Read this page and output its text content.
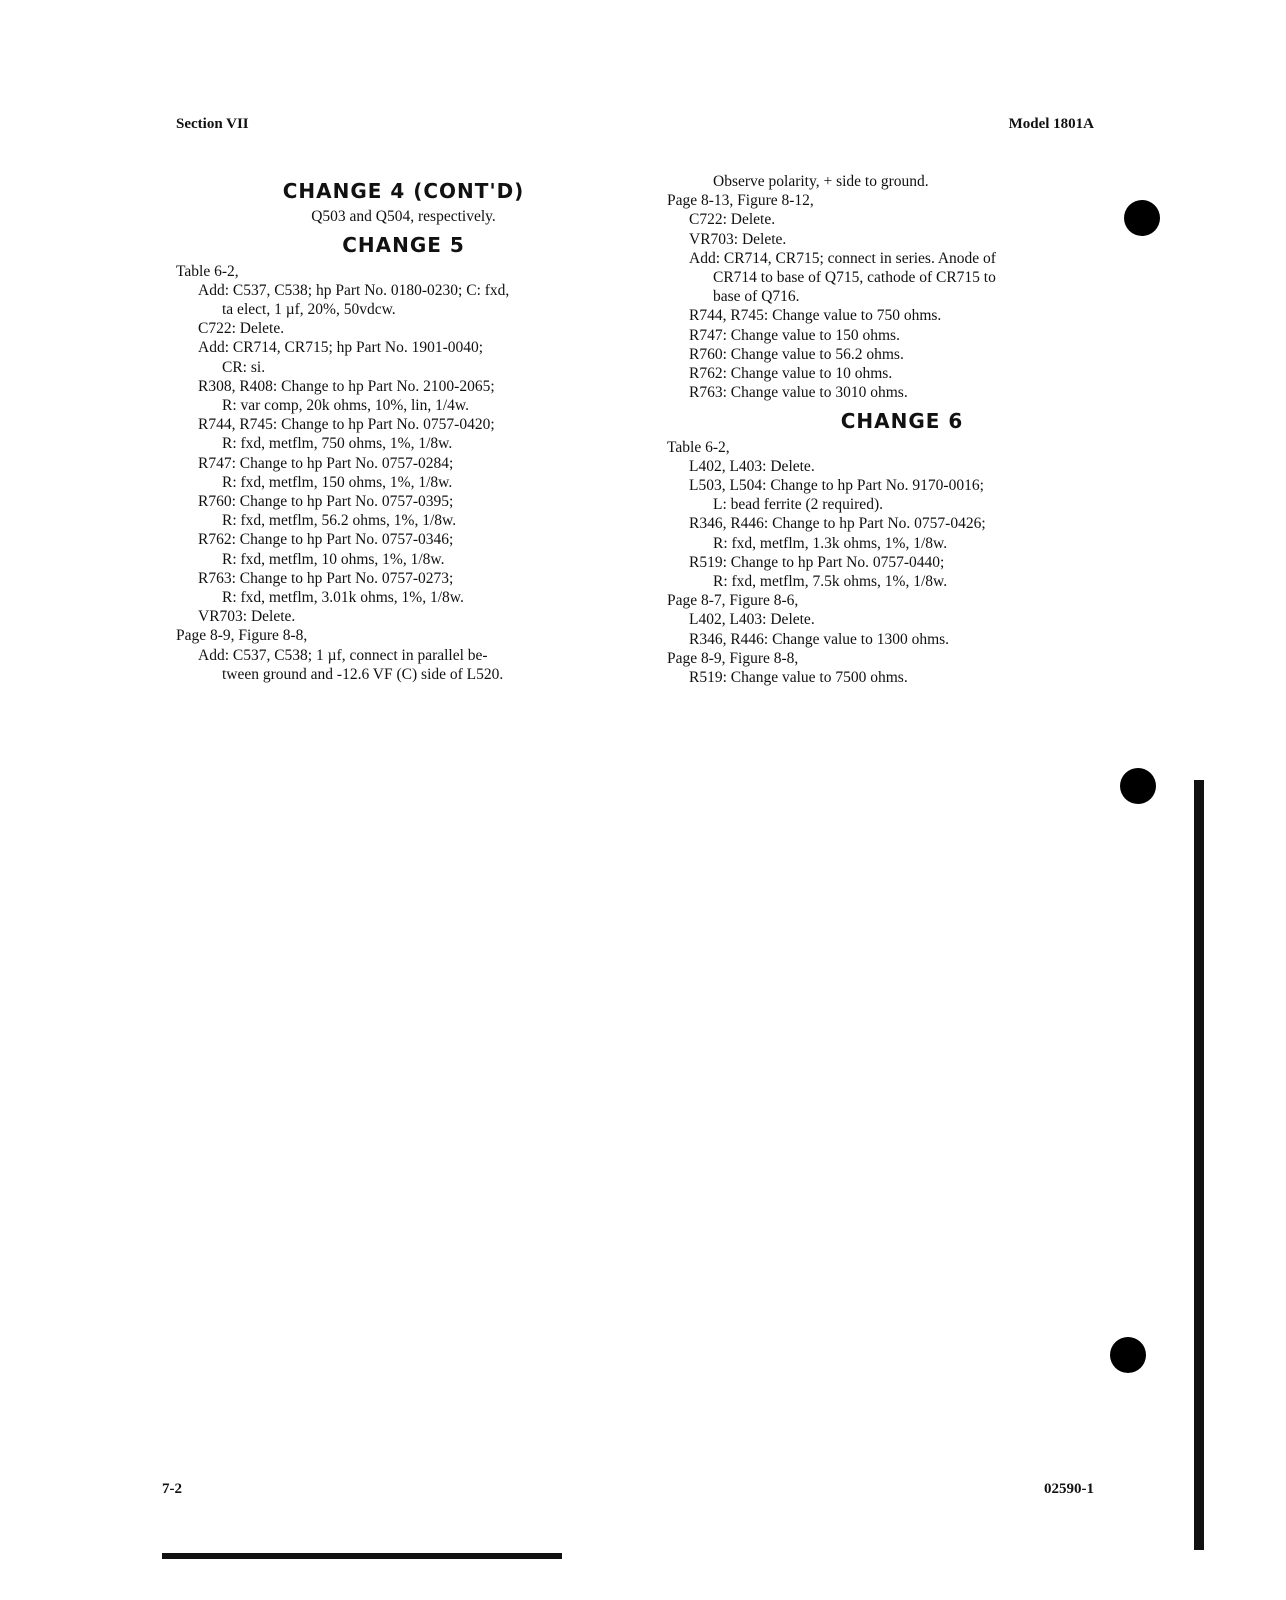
Section VII	Model 1801A
CHANGE 4 (CONT'D)
Q503 and Q504, respectively.
CHANGE 5
Table 6-2,
Add: C537, C538; hp Part No. 0180-0230; C: fxd,
ta elect, 1 µf, 20%, 50vdcw.
C722: Delete.
Add: CR714, CR715; hp Part No. 1901-0040;
CR: si.
R308, R408: Change to hp Part No. 2100-2065;
R: var comp, 20k ohms, 10%, lin, 1/4w.
R744, R745: Change to hp Part No. 0757-0420;
R: fxd, metflm, 750 ohms, 1%, 1/8w.
R747: Change to hp Part No. 0757-0284;
R: fxd, metflm, 150 ohms, 1%, 1/8w.
R760: Change to hp Part No. 0757-0395;
R: fxd, metflm, 56.2 ohms, 1%, 1/8w.
R762: Change to hp Part No. 0757-0346;
R: fxd, metflm, 10 ohms, 1%, 1/8w.
R763: Change to hp Part No. 0757-0273;
R: fxd, metflm, 3.01k ohms, 1%, 1/8w.
VR703: Delete.
Page 8-9, Figure 8-8,
Add: C537, C538; 1 µf, connect in parallel be-
tween ground and -12.6 VF (C) side of L520.
Observe polarity, + side to ground.
Page 8-13, Figure 8-12,
C722: Delete.
VR703: Delete.
Add: CR714, CR715; connect in series. Anode of
CR714 to base of Q715, cathode of CR715 to
base of Q716.
R744, R745: Change value to 750 ohms.
R747: Change value to 150 ohms.
R760: Change value to 56.2 ohms.
R762: Change value to 10 ohms.
R763: Change value to 3010 ohms.
CHANGE 6
Table 6-2,
L402, L403: Delete.
L503, L504: Change to hp Part No. 9170-0016;
L: bead ferrite (2 required).
R346, R446: Change to hp Part No. 0757-0426;
R: fxd, metflm, 1.3k ohms, 1%, 1/8w.
R519: Change to hp Part No. 0757-0440;
R: fxd, metflm, 7.5k ohms, 1%, 1/8w.
Page 8-7, Figure 8-6,
L402, L403: Delete.
R346, R446: Change value to 1300 ohms.
Page 8-9, Figure 8-8,
R519: Change value to 7500 ohms.
7-2	02590-1
